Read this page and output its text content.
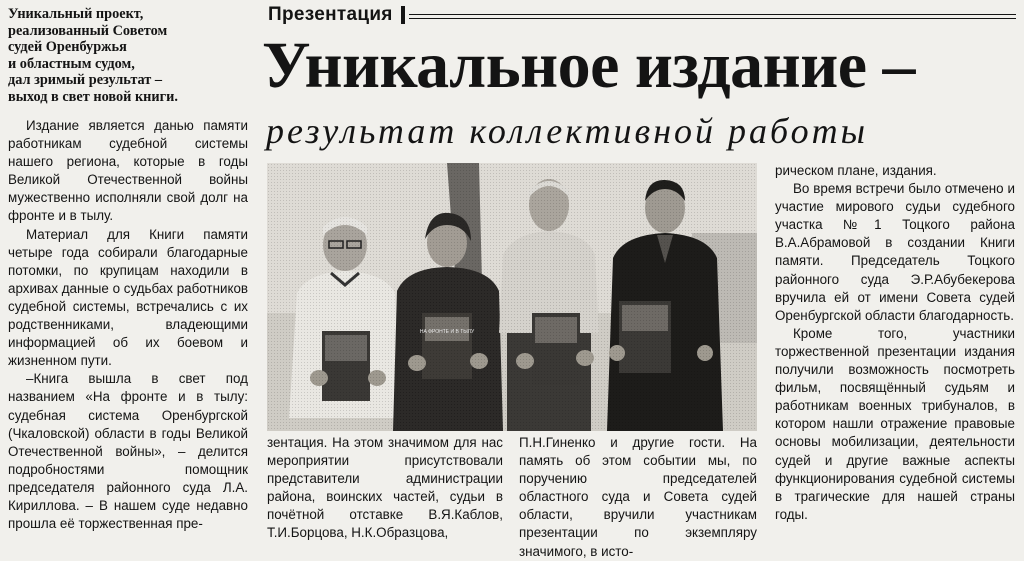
Уникальный проект,
реализованный Советом
судей Оренбуржья
и областным судом,
дал зримый результат –
выход в свет новой книги.

Издание является данью памяти работникам судебной системы нашего региона, которые в годы Великой Отечественной войны мужественно исполняли свой долг на фронте и в тылу.

Материал для Книги памяти четыре года собирали благодарные потомки, по крупицам находили в архивах данные о судьбах работников судебной системы, встречались с их родственниками, владеющими информацией об их боевом и жизненном пути.

–Книга вышла в свет под названием «На фронте и в тылу: судебная система Оренбургской (Чкаловской) области в годы Великой Отечественной войны», – делится подробностями помощник председателя районного суда Л.А. Кириллова. – В нашем суде недавно прошла её торжественная пре-

Презентация
Уникальное издание –
результат коллективной работы

зентация. На этом значимом для нас мероприятии присутствовали представители администрации района, воинских частей, судьи в почётной отставке В.Я.Каблов, Т.И.Борцова, Н.К.Образцова,

П.Н.Гиненко и другие гости. На память об этом событии мы, по поручению председателей областного суда и Совета судей области, вручили участникам презентации по экземпляру значимого, в исто-

рическом плане, издания.

Во время встречи было отмечено и участие мирового судьи судебного участка №1 Тоцкого района В.А.Абрамовой в создании Книги памяти. Председатель Тоцкого районного суда Э.Р.Абубекерова вручила ей от имени Совета судей Оренбургской области благодарность.

Кроме того, участники торжественной презентации издания получили возможность посмотреть фильм, посвящённый судьям и работникам военных трибуналов, в котором нашли отражение правовые основы мобилизации, деятельности судей и другие важные аспекты функционирования судебной системы в трагические для нашей страны годы.
